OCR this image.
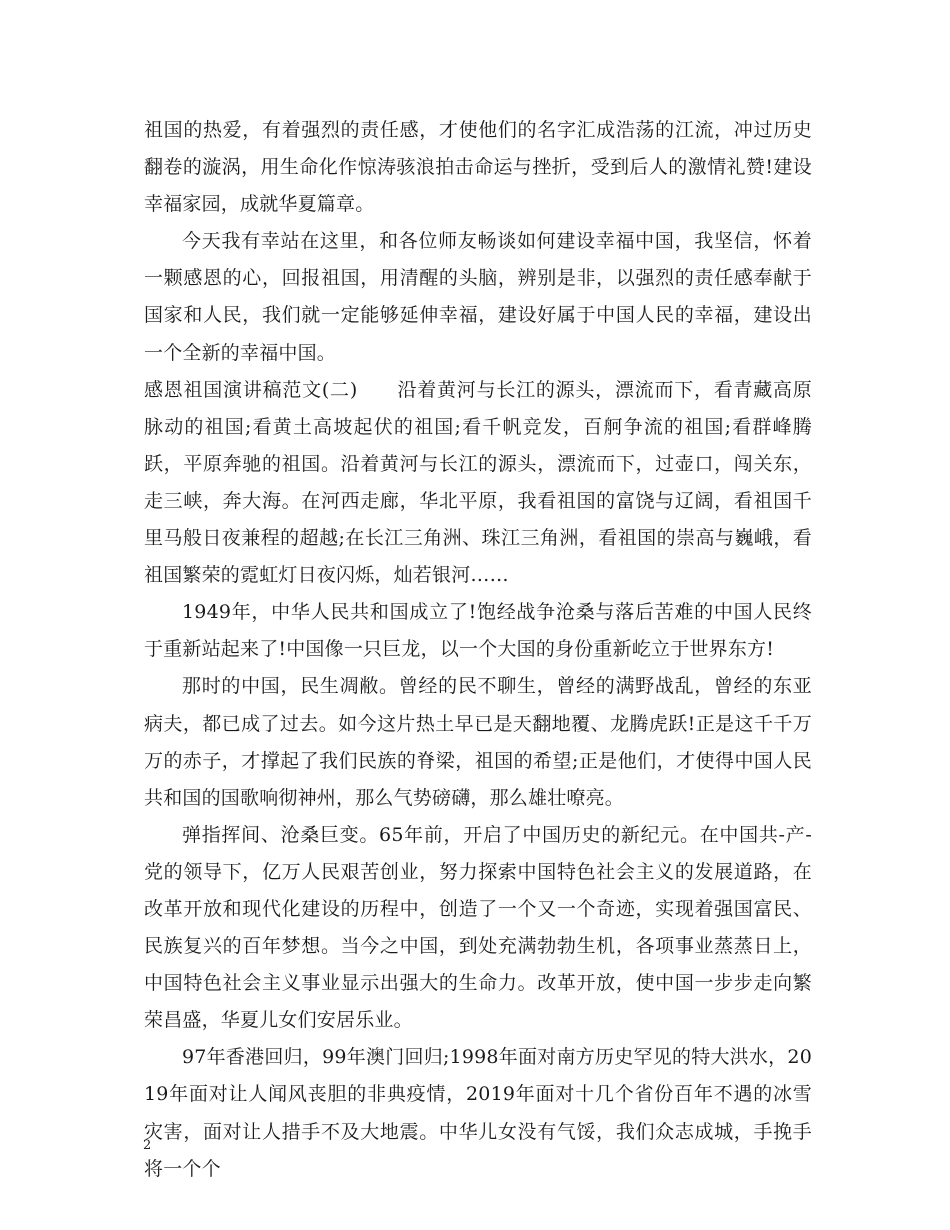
祖国的热爱，有着强烈的责任感，才使他们的名字汇成浩荡的江流，冲过历史翻卷的漩涡，用生命化作惊涛骇浪拍击命运与挫折，受到后人的激情礼赞!建设幸福家园，成就华夏篇章。

今天我有幸站在这里，和各位师友畅谈如何建设幸福中国，我坚信，怀着一颗感恩的心，回报祖国，用清醒的头脑，辨别是非，以强烈的责任感奉献于国家和人民，我们就一定能够延伸幸福，建设好属于中国人民的幸福，建设出一个全新的幸福中国。

感恩祖国演讲稿范文(二)　　沿着黄河与长江的源头，漂流而下，看青藏高原脉动的祖国;看黄土高坡起伏的祖国;看千帆竞发，百舸争流的祖国;看群峰腾跃，平原奔驰的祖国。沿着黄河与长江的源头，漂流而下，过壶口，闯关东，走三峡，奔大海。在河西走廊，华北平原，我看祖国的富饶与辽阔，看祖国千里马般日夜兼程的超越;在长江三角洲、珠江三角洲，看祖国的崇高与巍峨，看祖国繁荣的霓虹灯日夜闪烁，灿若银河……

1949年，中华人民共和国成立了!饱经战争沧桑与落后苦难的中国人民终于重新站起来了!中国像一只巨龙，以一个大国的身份重新屹立于世界东方!

那时的中国，民生凋敝。曾经的民不聊生，曾经的满野战乱，曾经的东亚病夫，都已成了过去。如今这片热土早已是天翻地覆、龙腾虎跃!正是这千千万万的赤子，才撑起了我们民族的脊梁，祖国的希望;正是他们，才使得中国人民共和国的国歌响彻神州，那么气势磅礴，那么雄壮嘹亮。

弹指挥间、沧桑巨变。65年前，开启了中国历史的新纪元。在中国共-产-党的领导下，亿万人民艰苦创业，努力探索中国特色社会主义的发展道路，在改革开放和现代化建设的历程中，创造了一个又一个奇迹，实现着强国富民、民族复兴的百年梦想。当今之中国，到处充满勃勃生机，各项事业蒸蒸日上，中国特色社会主义事业显示出强大的生命力。改革开放，使中国一步步走向繁荣昌盛，华夏儿女们安居乐业。

97年香港回归，99年澳门回归;1998年面对南方历史罕见的特大洪水，2019年面对让人闻风丧胆的非典疫情，2019年面对十几个省份百年不遇的冰雪灾害，面对让人措手不及大地震。中华儿女没有气馁，我们众志成城，手挽手将一个个

2
